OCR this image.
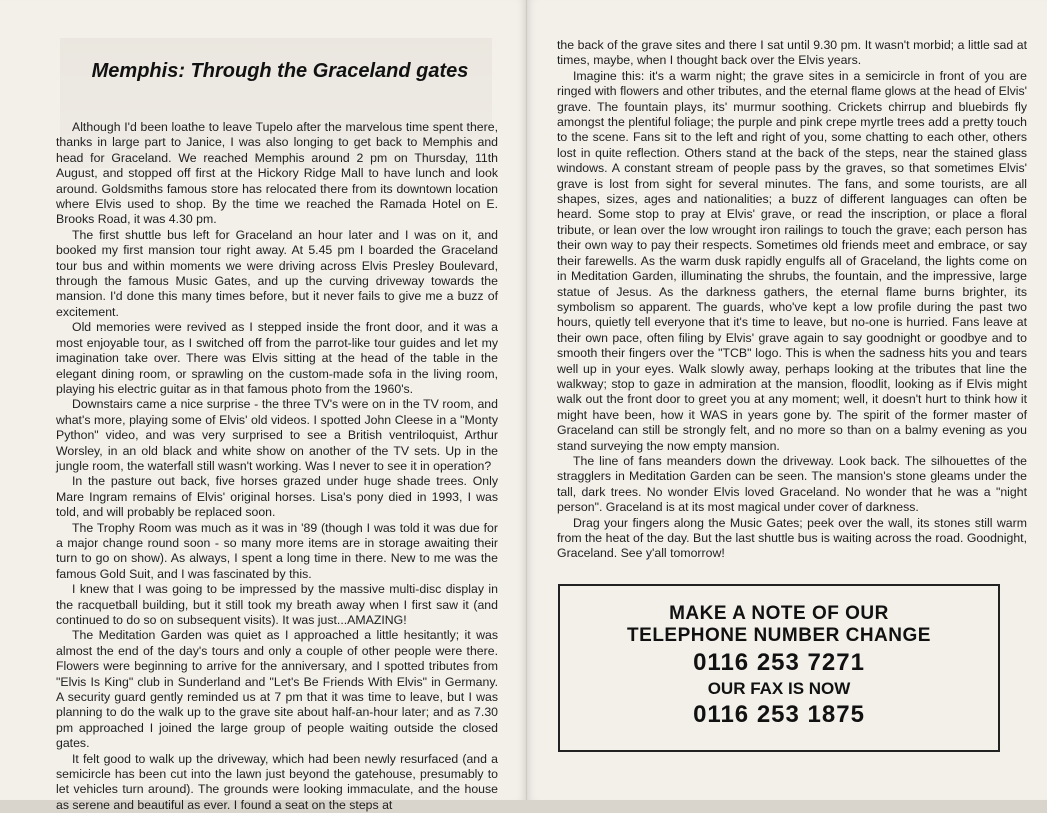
Memphis: Through the Graceland gates

Although I'd been loathe to leave Tupelo after the marvelous time spent there, thanks in large part to Janice, I was also longing to get back to Memphis and head for Graceland. We reached Memphis around 2 pm on Thursday, 11th August, and stopped off first at the Hickory Ridge Mall to have lunch and look around. Goldsmiths famous store has relocated there from its downtown location where Elvis used to shop. By the time we reached the Ramada Hotel on E. Brooks Road, it was 4.30 pm.

The first shuttle bus left for Graceland an hour later and I was on it, and booked my first mansion tour right away. At 5.45 pm I boarded the Graceland tour bus and within moments we were driving across Elvis Presley Boulevard, through the famous Music Gates, and up the curving driveway towards the mansion. I'd done this many times before, but it never fails to give me a buzz of excitement.

Old memories were revived as I stepped inside the front door, and it was a most enjoyable tour, as I switched off from the parrot-like tour guides and let my imagination take over. There was Elvis sitting at the head of the table in the elegant dining room, or sprawling on the custom-made sofa in the living room, playing his electric guitar as in that famous photo from the 1960's.

Downstairs came a nice surprise - the three TV's were on in the TV room, and what's more, playing some of Elvis' old videos. I spotted John Cleese in a "Monty Python" video, and was very surprised to see a British ventriloquist, Arthur Worsley, in an old black and white show on another of the TV sets. Up in the jungle room, the waterfall still wasn't working. Was I never to see it in operation?

In the pasture out back, five horses grazed under huge shade trees. Only Mare Ingram remains of Elvis' original horses. Lisa's pony died in 1993, I was told, and will probably be replaced soon.

The Trophy Room was much as it was in '89 (though I was told it was due for a major change round soon - so many more items are in storage awaiting their turn to go on show). As always, I spent a long time in there. New to me was the famous Gold Suit, and I was fascinated by this.

I knew that I was going to be impressed by the massive multi-disc display in the racquetball building, but it still took my breath away when I first saw it (and continued to do so on subsequent visits). It was just...AMAZING!

The Meditation Garden was quiet as I approached a little hesitantly; it was almost the end of the day's tours and only a couple of other people were there. Flowers were beginning to arrive for the anniversary, and I spotted tributes from "Elvis Is King" club in Sunderland and "Let's Be Friends With Elvis" in Germany. A security guard gently reminded us at 7 pm that it was time to leave, but I was planning to do the walk up to the grave site about half-an-hour later; and as 7.30 pm approached I joined the large group of people waiting outside the closed gates.

It felt good to walk up the driveway, which had been newly resurfaced (and a semicircle has been cut into the lawn just beyond the gatehouse, presumably to let vehicles turn around). The grounds were looking immaculate, and the house as serene and beautiful as ever. I found a seat on the steps at

the back of the grave sites and there I sat until 9.30 pm. It wasn't morbid; a little sad at times, maybe, when I thought back over the Elvis years.

Imagine this: it's a warm night; the grave sites in a semicircle in front of you are ringed with flowers and other tributes, and the eternal flame glows at the head of Elvis' grave. The fountain plays, its' murmur soothing. Crickets chirrup and bluebirds fly amongst the plentiful foliage; the purple and pink crepe myrtle trees add a pretty touch to the scene. Fans sit to the left and right of you, some chatting to each other, others lost in quite reflection. Others stand at the back of the steps, near the stained glass windows. A constant stream of people pass by the graves, so that sometimes Elvis' grave is lost from sight for several minutes. The fans, and some tourists, are all shapes, sizes, ages and nationalities; a buzz of different languages can often be heard. Some stop to pray at Elvis' grave, or read the inscription, or place a floral tribute, or lean over the low wrought iron railings to touch the grave; each person has their own way to pay their respects. Sometimes old friends meet and embrace, or say their farewells. As the warm dusk rapidly engulfs all of Graceland, the lights come on in Meditation Garden, illuminating the shrubs, the fountain, and the impressive, large statue of Jesus. As the darkness gathers, the eternal flame burns brighter, its symbolism so apparent. The guards, who've kept a low profile during the past two hours, quietly tell everyone that it's time to leave, but no-one is hurried. Fans leave at their own pace, often filing by Elvis' grave again to say goodnight or goodbye and to smooth their fingers over the "TCB" logo. This is when the sadness hits you and tears well up in your eyes. Walk slowly away, perhaps looking at the tributes that line the walkway; stop to gaze in admiration at the mansion, floodlit, looking as if Elvis might walk out the front door to greet you at any moment; well, it doesn't hurt to think how it might have been, how it WAS in years gone by. The spirit of the former master of Graceland can still be strongly felt, and no more so than on a balmy evening as you stand surveying the now empty mansion.

The line of fans meanders down the driveway. Look back. The silhouettes of the stragglers in Meditation Garden can be seen. The mansion's stone gleams under the tall, dark trees. No wonder Elvis loved Graceland. No wonder that he was a "night person". Graceland is at its most magical under cover of darkness.

Drag your fingers along the Music Gates; peek over the wall, its stones still warm from the heat of the day. But the last shuttle bus is waiting across the road. Goodnight, Graceland. See y'all tomorrow!

MAKE A NOTE OF OUR
TELEPHONE NUMBER CHANGE
0116 253 7271
OUR FAX IS NOW
0116 253 1875
